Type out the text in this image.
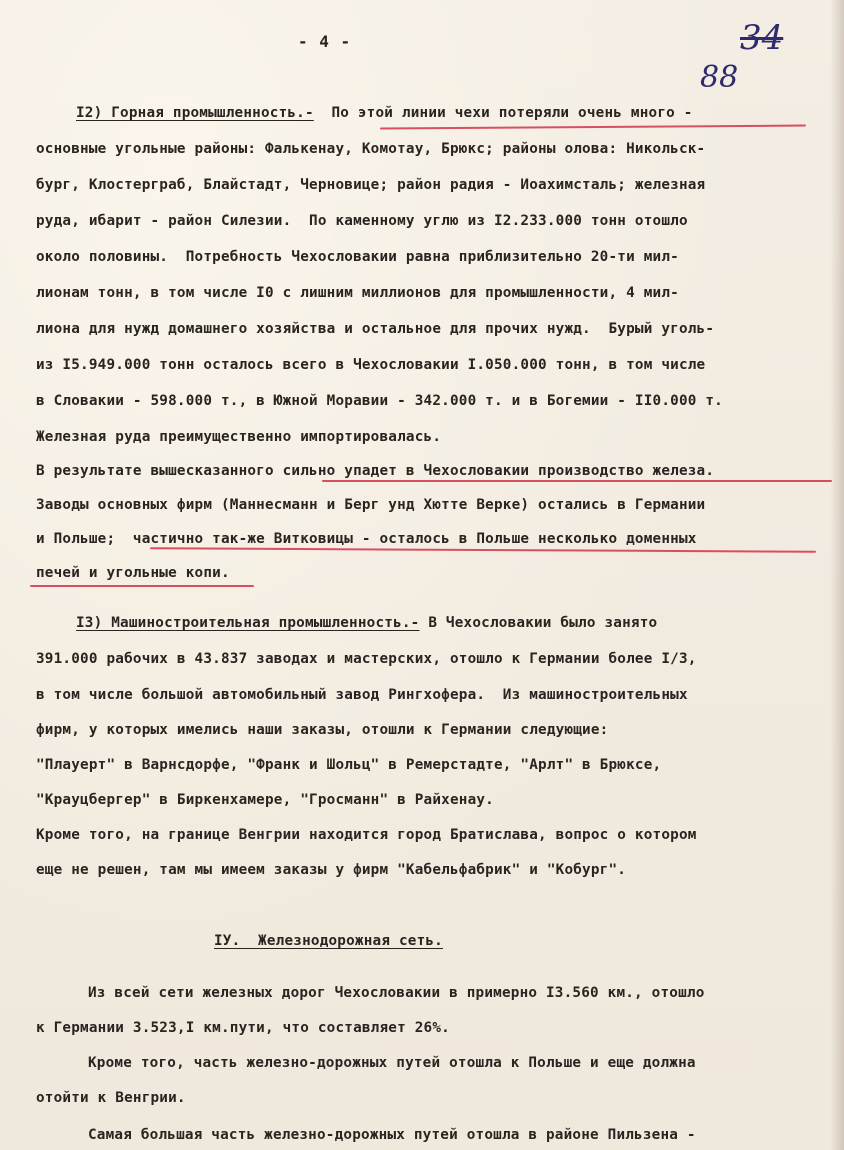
- 4 -	34
88
I2) Горная промышленность.- По этой линии чехи потеряли очень много -
основные угольные районы: Фалькенау, Комотау, Брюкс; районы олова: Никольск-
бург, Клостерграб, Блайстадт, Черновице; район радия - Иоахимсталь; железная
руда, ибарит - район Силезии.  По каменному углю из I2.233.000 тонн отошло
около половины.  Потребность Чехословакии равна приблизительно 20-ти мил-
лионам тонн, в том числе I0 с лишним миллионов для промышленности, 4 мил-
лиона для нужд домашнего хозяйства и остальное для прочих нужд.  Бурый уголь-
из I5.949.000 тонн осталось всего в Чехословакии I.050.000 тонн, в том числе
в Словакии - 598.000 т., в Южной Моравии - 342.000 т. и в Богемии - II0.000 т.
Железная руда преимущественно импортировалась.
В результате вышесказанного сильно упадет в Чехословакии производство железа.
Заводы основных фирм (Маннесманн и Берг унд Хютте Верке) остались в Германии
и Польше;  частично так-же Витковицы - осталось в Польше несколько доменных
печей и угольные копи.
I3) Машиностроительная промышленность.- В Чехословакии было занято
391.000 рабочих в 43.837 заводах и мастерских, отошло к Германии более I/3,
в том числе большой автомобильный завод Рингхофера.  Из машиностроительных
фирм, у которых имелись наши заказы, отошли к Германии следующие:
"Плауерт" в Варнсдорфе, "Франк и Шольц" в Ремерстадте, "Арлт" в Брюксе,
"Крауцбергер" в Биркенхамере, "Гросманн" в Райхенау.
Кроме того, на границе Венгрии находится город Братислава, вопрос о котором
еще не решен, там мы имеем заказы у фирм "Кабельфабрик" и "Кобург".
IУ.  Железнодорожная сеть.
Из всей сети железных дорог Чехословакии в примерно I3.560 км., отошло
к Германии 3.523,I км.пути, что составляет 26%.
Кроме того, часть железно-дорожных путей отошла к Польше и еще должна
отойти к Венгрии.
Самая большая часть железно-дорожных путей отошла в районе Пильзена -
